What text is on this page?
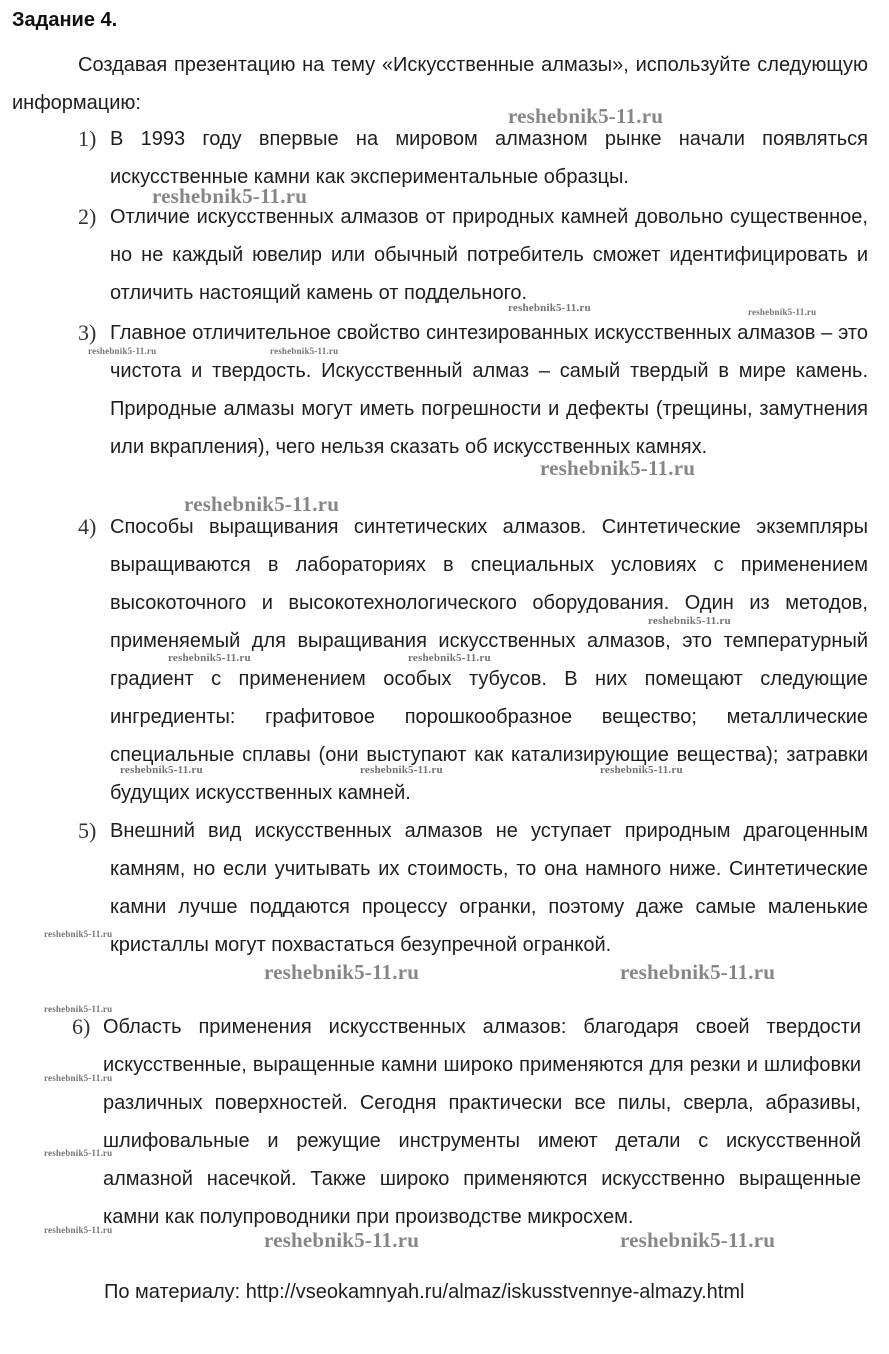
Задание 4.

Создавая презентацию на тему «Искусственные алмазы», используйте следующую информацию:

1) В 1993 году впервые на мировом алмазном рынке начали появляться искусственные камни как экспериментальные образцы.

2) Отличие искусственных алмазов от природных камней довольно существенное, но не каждый ювелир или обычный потребитель сможет идентифицировать и отличить настоящий камень от поддельного.

3) Главное отличительное свойство синтезированных искусственных алмазов – это чистота и твердость. Искусственный алмаз – самый твердый в мире камень. Природные алмазы могут иметь погрешности и дефекты (трещины, замутнения или вкрапления), чего нельзя сказать об искусственных камнях.

4) Способы выращивания синтетических алмазов. Синтетические экземпляры выращиваются в лабораториях в специальных условиях с применением высокоточного и высокотехнологического оборудования. Один из методов, применяемый для выращивания искусственных алмазов, это температурный градиент с применением особых тубусов. В них помещают следующие ингредиенты: графитовое порошкообразное вещество; металлические специальные сплавы (они выступают как катализирующие вещества); затравки будущих искусственных камней.

5) Внешний вид искусственных алмазов не уступает природным драгоценным камням, но если учитывать их стоимость, то она намного ниже. Синтетические камни лучше поддаются процессу огранки, поэтому даже самые маленькие кристаллы могут похвастаться безупречной огранкой.

6) Область применения искусственных алмазов: благодаря своей твердости искусственные, выращенные камни широко применяются для резки и шлифовки различных поверхностей. Сегодня практически все пилы, сверла, абразивы, шлифовальные и режущие инструменты имеют детали с искусственной алмазной насечкой. Также широко применяются искусственно выращенные камни как полупроводники при производстве микросхем.

По материалу: http://vseokamnyah.ru/almaz/iskusstvennye-almazy.html
reshebnik5-11.ru
reshebnik5-11.ru
reshebnik5-11.ru	reshebnik5-11.ru
reshebnik5-11.ru	reshebnik5-11.ru
reshebnik5-11.ru
reshebnik5-11.ru
reshebnik5-11.ru
reshebnik5-11.ru	reshebnik5-11.ru
reshebnik5-11.ru	reshebnik5-11.ru	reshebnik5-11.ru
reshebnik5-11.ru
reshebnik5-11.ru	reshebnik5-11.ru
reshebnik5-11.ru
reshebnik5-11.ru
reshebnik5-11.ru
reshebnik5-11.ru	reshebnik5-11.ru	reshebnik5-11.ru
